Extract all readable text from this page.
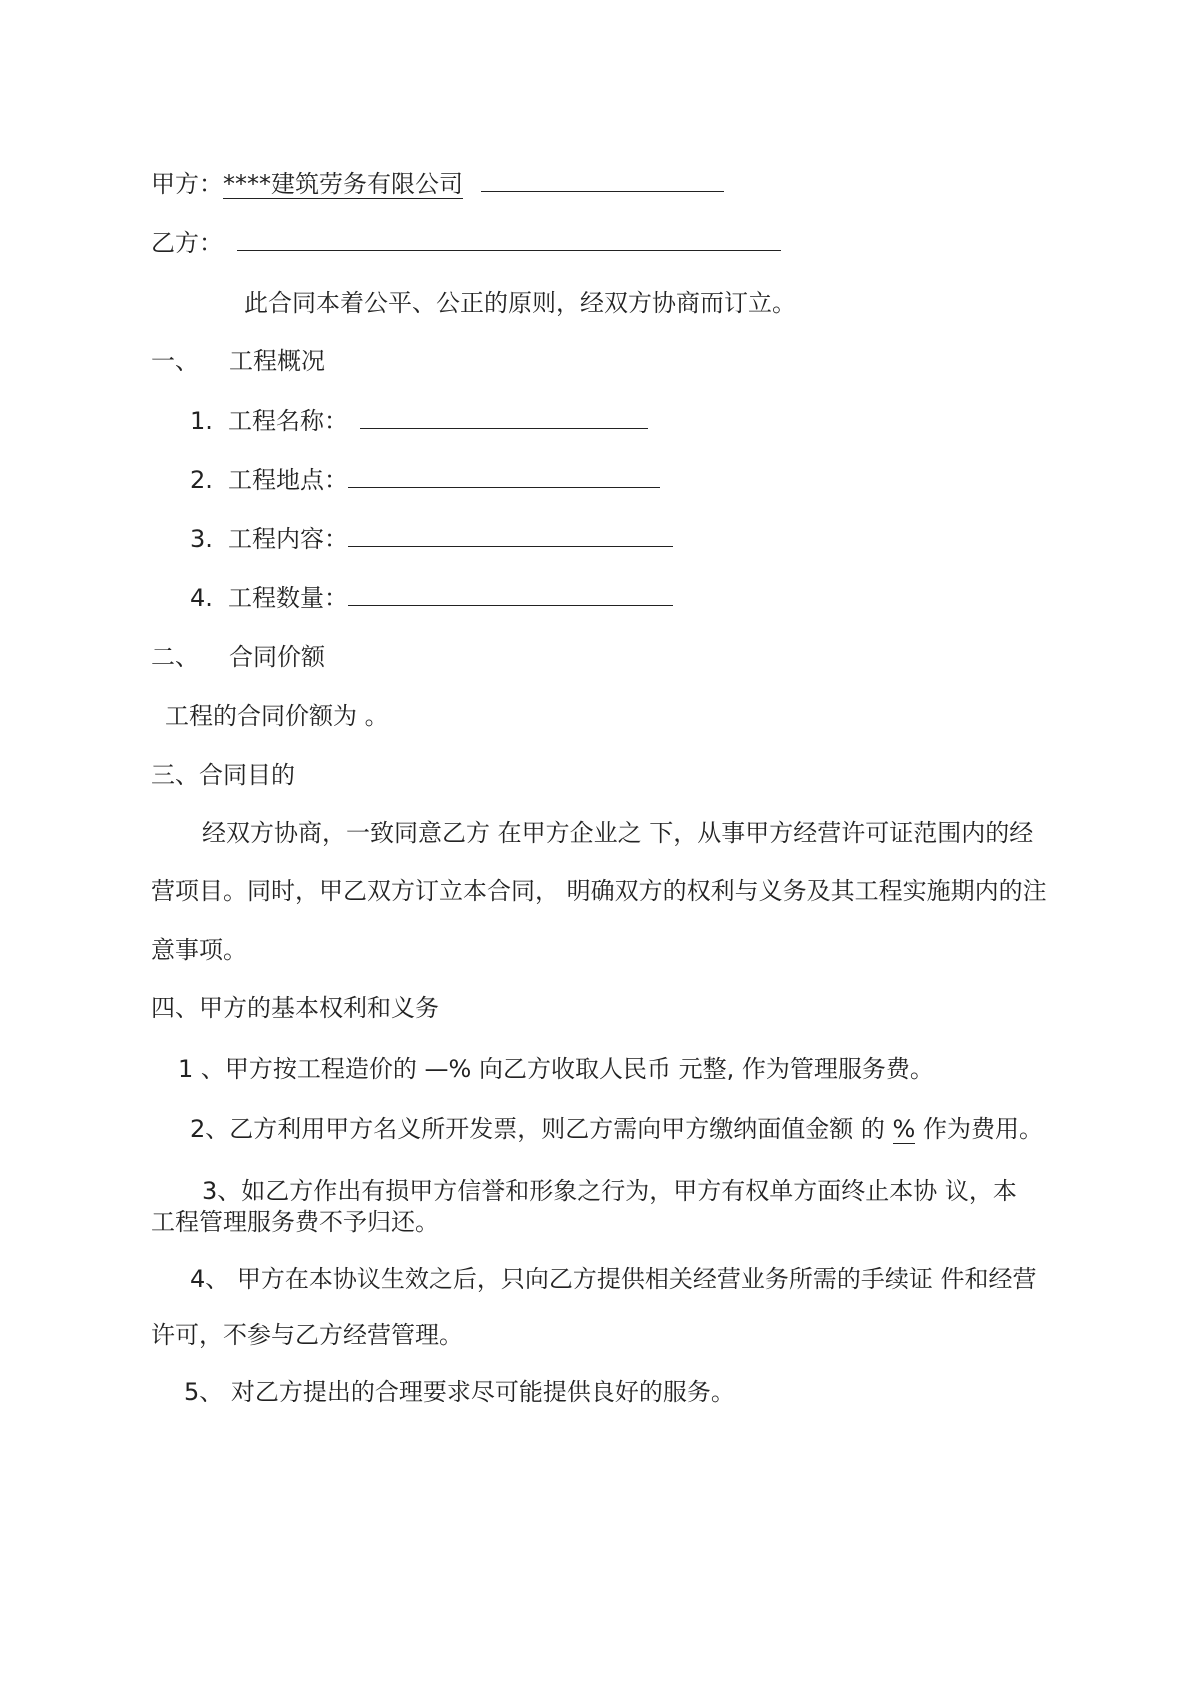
甲方：****建筑劳务有限公司
乙方：
此合同本着公平、公正的原则，经双方协商而订立。
一、 工程概况
1. 工程名称：
2. 工程地点：
3. 工程内容：
4. 工程数量：
二、 合同价额
工程的合同价额为 。
三、合同目的
经双方协商，一致同意乙方 在甲方企业之 下，从事甲方经营许可证范围内的经
营项目。同时，甲乙双方订立本合同， 明确双方的权利与义务及其工程实施期内的注
意事项。
四、甲方的基本权利和义务
1 、甲方按工程造价的 —% 向乙方收取人民币 元整, 作为管理服务费。
2、乙方利用甲方名义所开发票，则乙方需向甲方缴纳面值金额 的 % 作为费用。
3、如乙方作出有损甲方信誉和形象之行为，甲方有权单方面终止本协 议，本
工程管理服务费不予归还。
4、 甲方在本协议生效之后，只向乙方提供相关经营业务所需的手续证 件和经营
许可，不参与乙方经营管理。
5、 对乙方提出的合理要求尽可能提供良好的服务。
